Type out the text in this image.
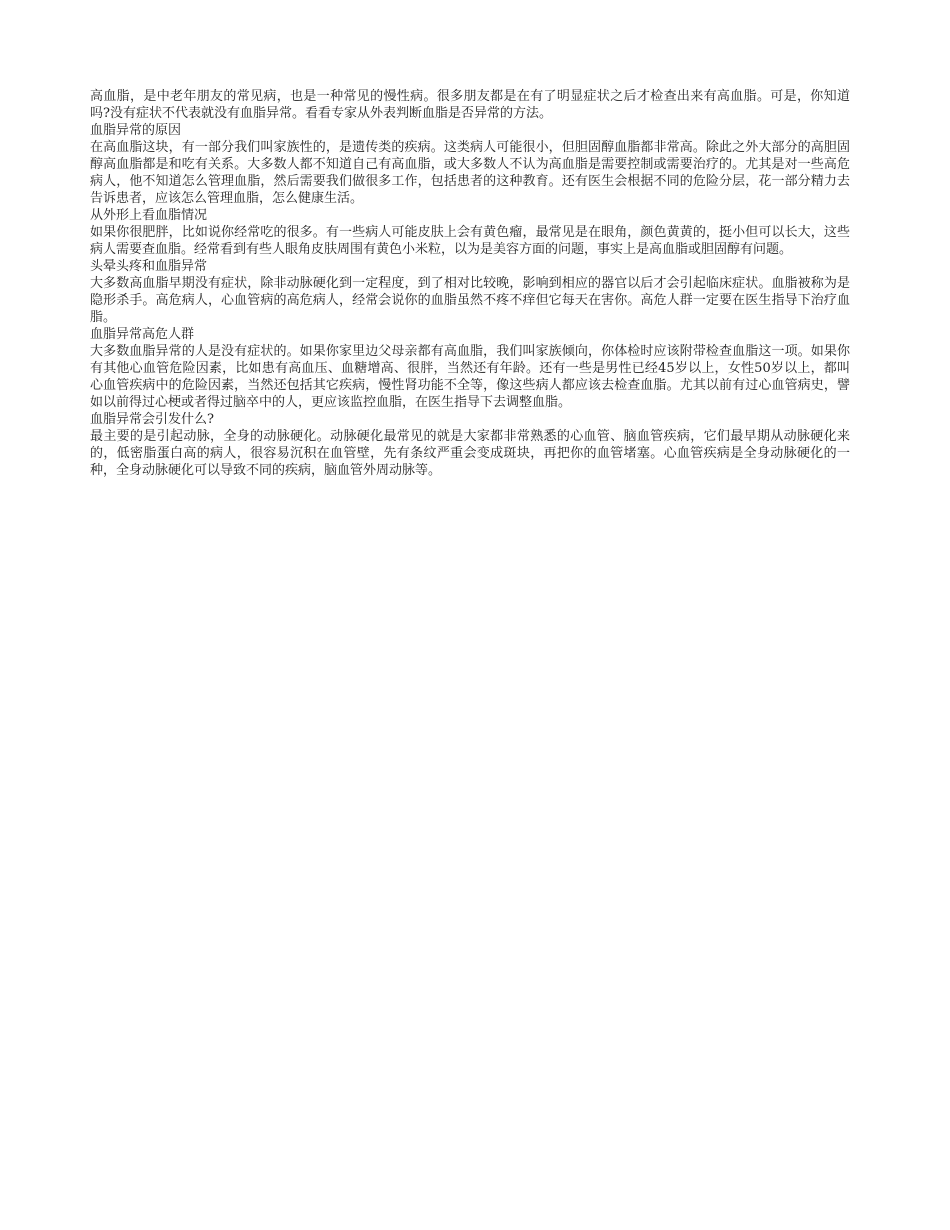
高血脂，是中老年朋友的常见病，也是一种常见的慢性病。很多朋友都是在有了明显症状之后才检查出来有高血脂。可是，你知道吗?没有症状不代表就没有血脂异常。看看专家从外表判断血脂是否异常的方法。

血脂异常的原因

在高血脂这块，有一部分我们叫家族性的，是遗传类的疾病。这类病人可能很小，但胆固醇血脂都非常高。除此之外大部分的高胆固醇高血脂都是和吃有关系。大多数人都不知道自己有高血脂，或大多数人不认为高血脂是需要控制或需要治疗的。尤其是对一些高危病人，他不知道怎么管理血脂，然后需要我们做很多工作，包括患者的这种教育。还有医生会根据不同的危险分层，花一部分精力去告诉患者，应该怎么管理血脂，怎么健康生活。

从外形上看血脂情况

如果你很肥胖，比如说你经常吃的很多。有一些病人可能皮肤上会有黄色瘤，最常见是在眼角，颜色黄黄的，挺小但可以长大，这些病人需要查血脂。经常看到有些人眼角皮肤周围有黄色小米粒，以为是美容方面的问题，事实上是高血脂或胆固醇有问题。

头晕头疼和血脂异常

大多数高血脂早期没有症状，除非动脉硬化到一定程度，到了相对比较晚，影响到相应的器官以后才会引起临床症状。血脂被称为是隐形杀手。高危病人，心血管病的高危病人，经常会说你的血脂虽然不疼不痒但它每天在害你。高危人群一定要在医生指导下治疗血脂。

血脂异常高危人群

大多数血脂异常的人是没有症状的。如果你家里边父母亲都有高血脂，我们叫家族倾向，你体检时应该附带检查血脂这一项。如果你有其他心血管危险因素，比如患有高血压、血糖增高、很胖，当然还有年龄。还有一些是男性已经45岁以上，女性50岁以上，都叫心血管疾病中的危险因素，当然还包括其它疾病，慢性肾功能不全等，像这些病人都应该去检查血脂。尤其以前有过心血管病史，譬如以前得过心梗或者得过脑卒中的人，更应该监控血脂，在医生指导下去调整血脂。

血脂异常会引发什么?

最主要的是引起动脉，全身的动脉硬化。动脉硬化最常见的就是大家都非常熟悉的心血管、脑血管疾病，它们最早期从动脉硬化来的，低密脂蛋白高的病人，很容易沉积在血管壁，先有条纹严重会变成斑块，再把你的血管堵塞。心血管疾病是全身动脉硬化的一种，全身动脉硬化可以导致不同的疾病，脑血管外周动脉等。
